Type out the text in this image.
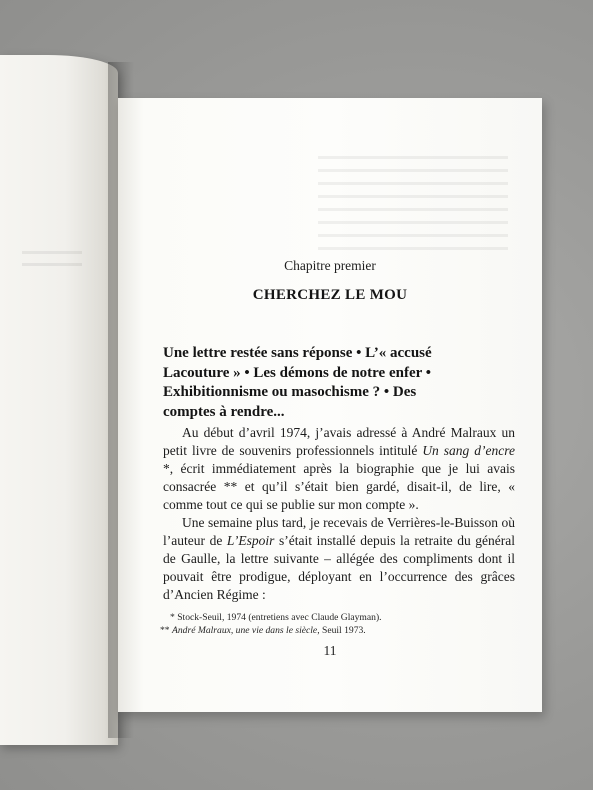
Chapitre premier
CHERCHEZ LE MOU

Une lettre restée sans réponse • L’« accusé

Lacouture » • Les démons de notre enfer •

Exhibitionnisme ou masochisme ? • Des

comptes à rendre...

Au début d’avril 1974, j’avais adressé à André Malraux un petit livre de souvenirs professionnels intitulé Un sang d’encre *, écrit immédiatement après la biographie que je lui avais consacrée ** et qu’il s’était bien gardé, disait-il, de lire, « comme tout ce qui se publie sur mon compte ».

Une semaine plus tard, je recevais de Verrières-le-Buisson où l’auteur de L’Espoir s’était installé depuis la retraite du général de Gaulle, la lettre suivante – allégée des compliments dont il pouvait être prodigue, déployant en l’occurrence des grâces d’Ancien Régime :

* Stock-Seuil, 1974 (entretiens avec Claude Glayman).

** André Malraux, une vie dans le siècle, Seuil 1973.

11
